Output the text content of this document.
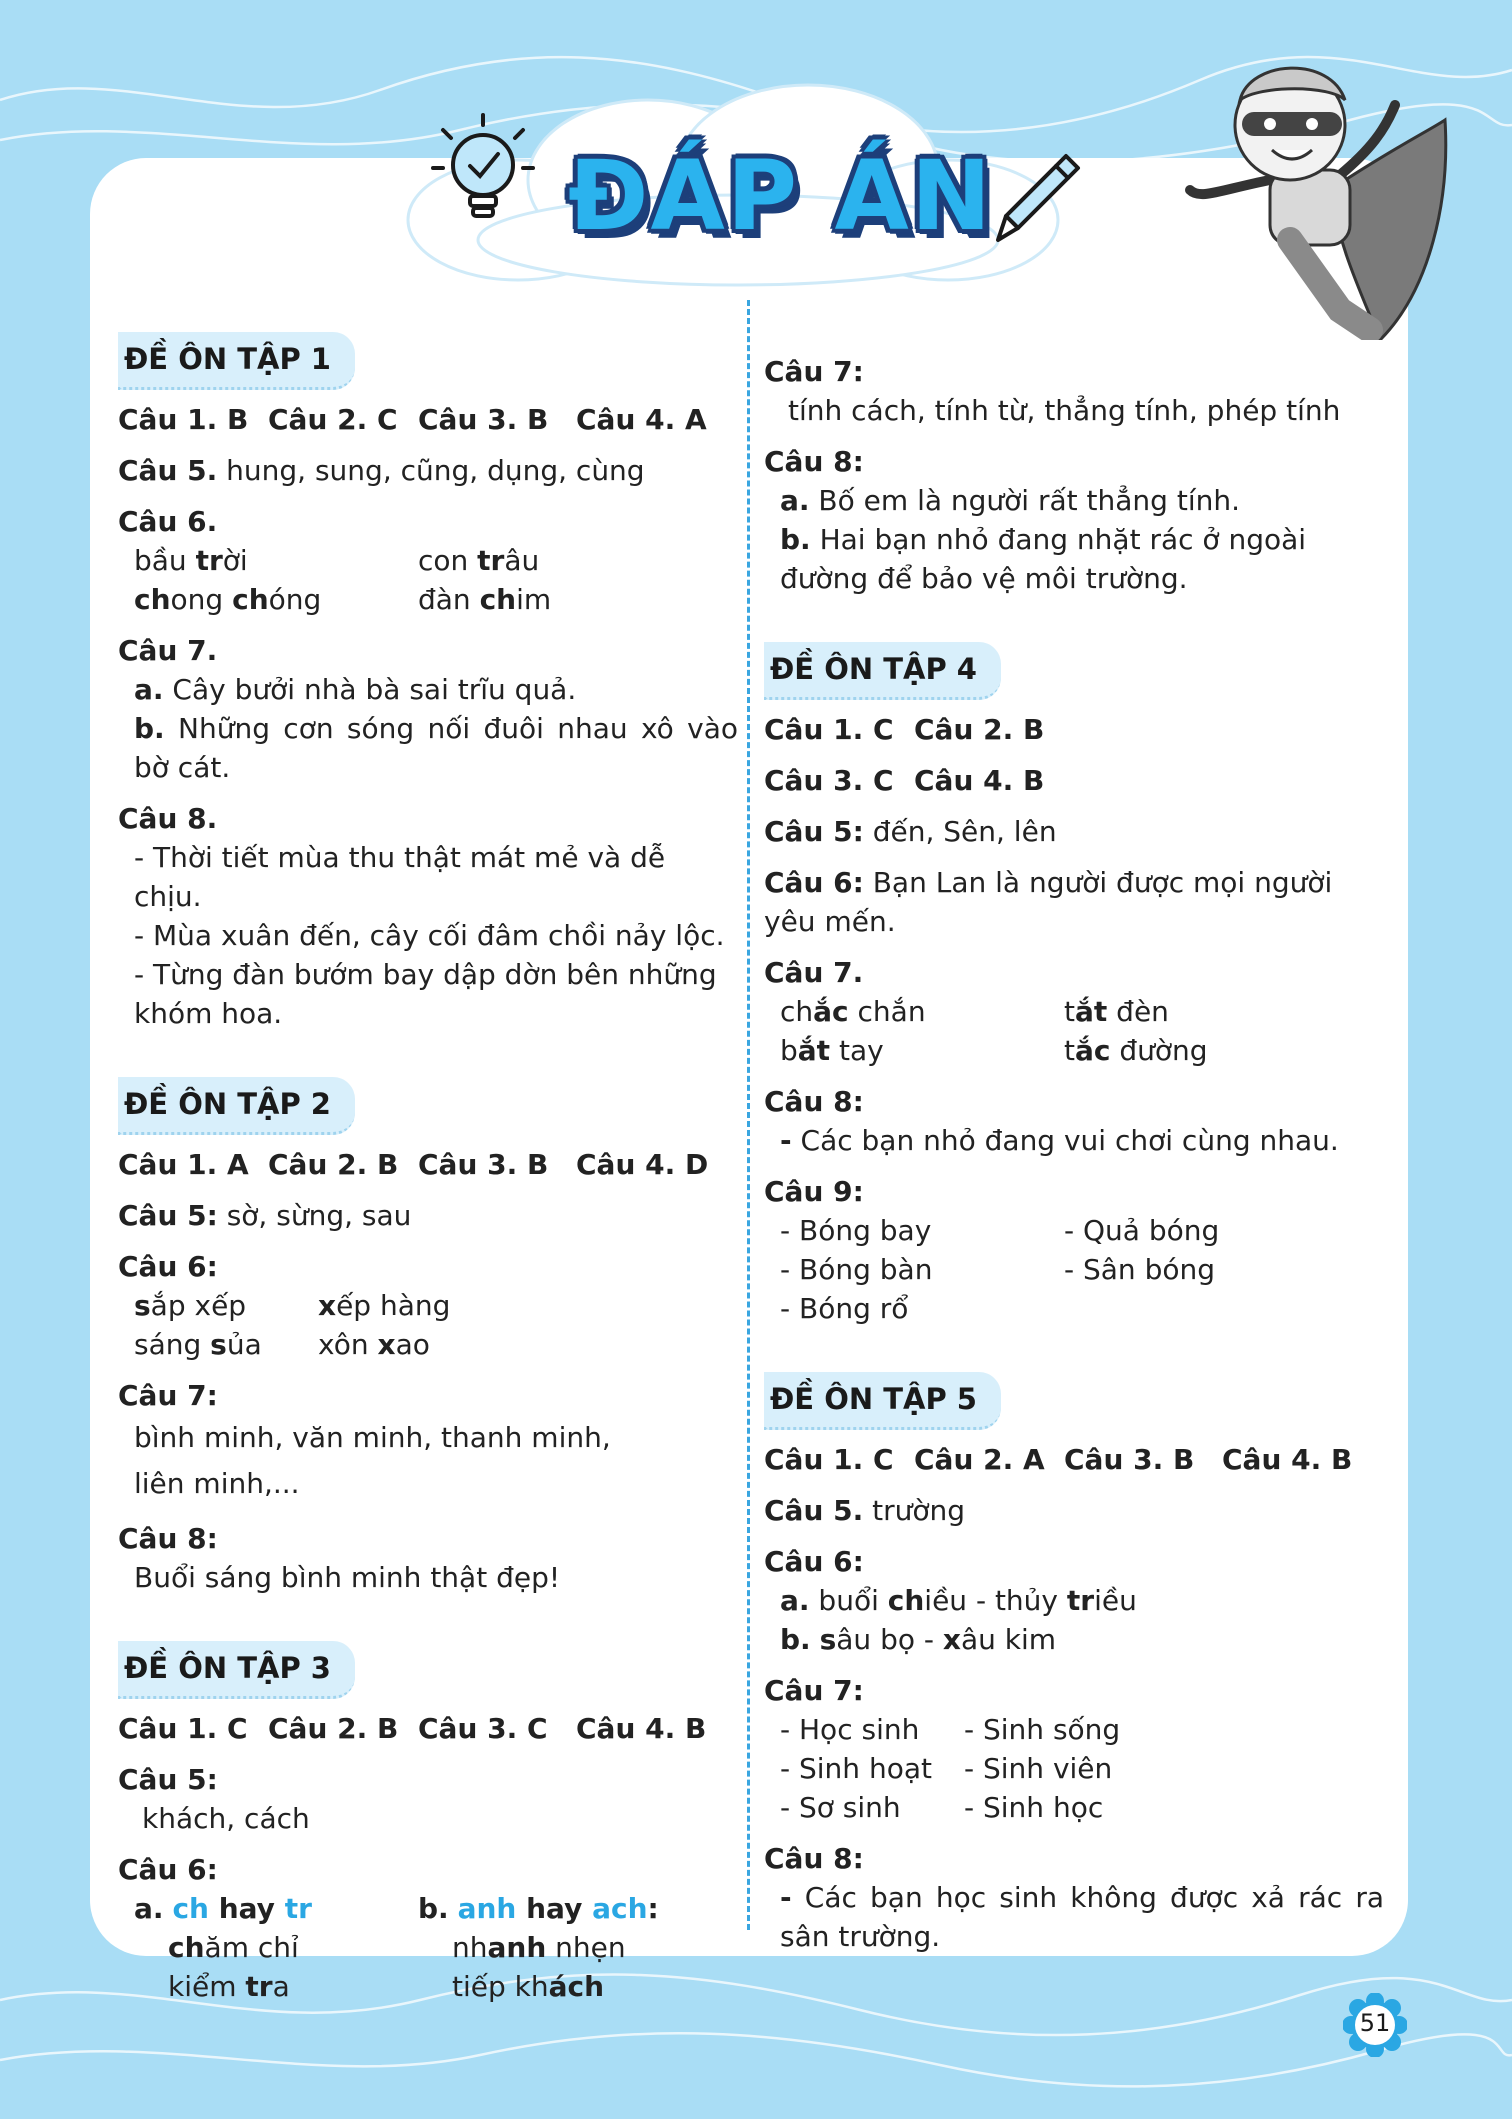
ĐÁP ÁN
ĐỀ ÔN TẬP 1
Câu 1. B Câu 2. C Câu 3. B Câu 4. A
Câu 5. hung, sung, cũng, dụng, cùng
Câu 6.
bầu trời	con trâu
chong chóng	đàn chim
Câu 7.
a. Cây bưởi nhà bà sai trĩu quả.
b. Những cơn sóng nối đuôi nhau xô vào bờ cát.
Câu 8.
- Thời tiết mùa thu thật mát mẻ và dễ chịu.
- Mùa xuân đến, cây cối đâm chồi nảy lộc.
- Từng đàn bướm bay dập dờn bên những khóm hoa.
ĐỀ ÔN TẬP 2
Câu 1. A Câu 2. B Câu 3. B Câu 4. D
Câu 5: sờ, sừng, sau
Câu 6:
sắp xếp	xếp hàng
sáng sủa	xôn xao
Câu 7:
bình minh, văn minh, thanh minh,
liên minh,...
Câu 8:
Buổi sáng bình minh thật đẹp!
ĐỀ ÔN TẬP 3
Câu 1. C Câu 2. B Câu 3. C	Câu 4. B
Câu 5:
khách, cách
Câu 6:
a. ch hay tr	b. anh hay ach:
chăm chỉ	nhanh nhẹn
kiểm tra	tiếp khách
Câu 7:
tính cách, tính từ, thẳng tính, phép tính
Câu 8:
a. Bố em là người rất thẳng tính.
b. Hai bạn nhỏ đang nhặt rác ở ngoài đường để bảo vệ môi trường.
ĐỀ ÔN TẬP 4
Câu 1. C Câu 2. B
Câu 3. C Câu 4. B
Câu 5: đến, Sên, lên
Câu 6: Bạn Lan là người được mọi người yêu mến.
Câu 7.
chắc chắn	tắt đèn
bắt tay	tắc đường
Câu 8:
- Các bạn nhỏ đang vui chơi cùng nhau.
Câu 9:
- Bóng bay	- Quả bóng
- Bóng bàn	- Sân bóng
- Bóng rổ
ĐỀ ÔN TẬP 5
Câu 1. C Câu 2. A Câu 3. B Câu 4. B
Câu 5. trường
Câu 6:
a. buổi chiều - thủy triều
b. sâu bọ - xâu kim
Câu 7:
- Học sinh	- Sinh sống
- Sinh hoạt	- Sinh viên
- Sơ sinh	- Sinh học
Câu 8:
- Các bạn học sinh không được xả rác ra sân trường.
51
